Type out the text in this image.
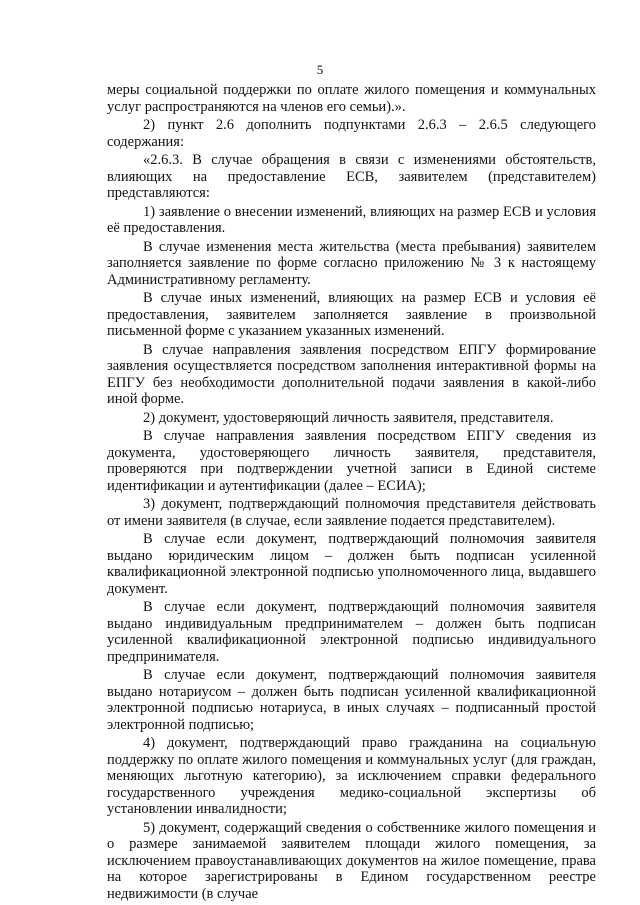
5

меры социальной поддержки по оплате жилого помещения и коммунальных услуг распространяются на членов его семьи).».

2) пункт 2.6 дополнить подпунктами 2.6.3 – 2.6.5 следующего содержания:

«2.6.3. В случае обращения в связи с изменениями обстоятельств, влияющих на предоставление ЕСВ, заявителем (представителем) представляются:

1) заявление о внесении изменений, влияющих на размер ЕСВ и условия её предоставления.

В случае изменения места жительства (места пребывания) заявителем заполняется заявление по форме согласно приложению № 3 к настоящему Административному регламенту.

В случае иных изменений, влияющих на размер ЕСВ и условия её предоставления, заявителем заполняется заявление в произвольной письменной форме с указанием указанных изменений.

В случае направления заявления посредством ЕПГУ формирование заявления осуществляется посредством заполнения интерактивной формы на ЕПГУ без необходимости дополнительной подачи заявления в какой-либо иной форме.

2) документ, удостоверяющий личность заявителя, представителя.

В случае направления заявления посредством ЕПГУ сведения из документа, удостоверяющего личность заявителя, представителя, проверяются при подтверждении учетной записи в Единой системе идентификации и аутентификации (далее – ЕСИА);

3) документ, подтверждающий полномочия представителя действовать от имени заявителя (в случае, если заявление подается представителем).

В случае если документ, подтверждающий полномочия заявителя выдано юридическим лицом – должен быть подписан усиленной квалификационной электронной подписью уполномоченного лица, выдавшего документ.

В случае если документ, подтверждающий полномочия заявителя выдано индивидуальным предпринимателем – должен быть подписан усиленной квалификационной электронной подписью индивидуального предпринимателя.

В случае если документ, подтверждающий полномочия заявителя выдано нотариусом – должен быть подписан усиленной квалификационной электронной подписью нотариуса, в иных случаях – подписанный простой электронной подписью;

4) документ, подтверждающий право гражданина на социальную поддержку по оплате жилого помещения и коммунальных услуг (для граждан, меняющих льготную категорию), за исключением справки федерального государственного учреждения медико-социальной экспертизы об установлении инвалидности;

5) документ, содержащий сведения о собственнике жилого помещения и о размере занимаемой заявителем площади жилого помещения, за исключением правоустанавливающих документов на жилое помещение, права на которое зарегистрированы в Едином государственном реестре недвижимости (в случае
